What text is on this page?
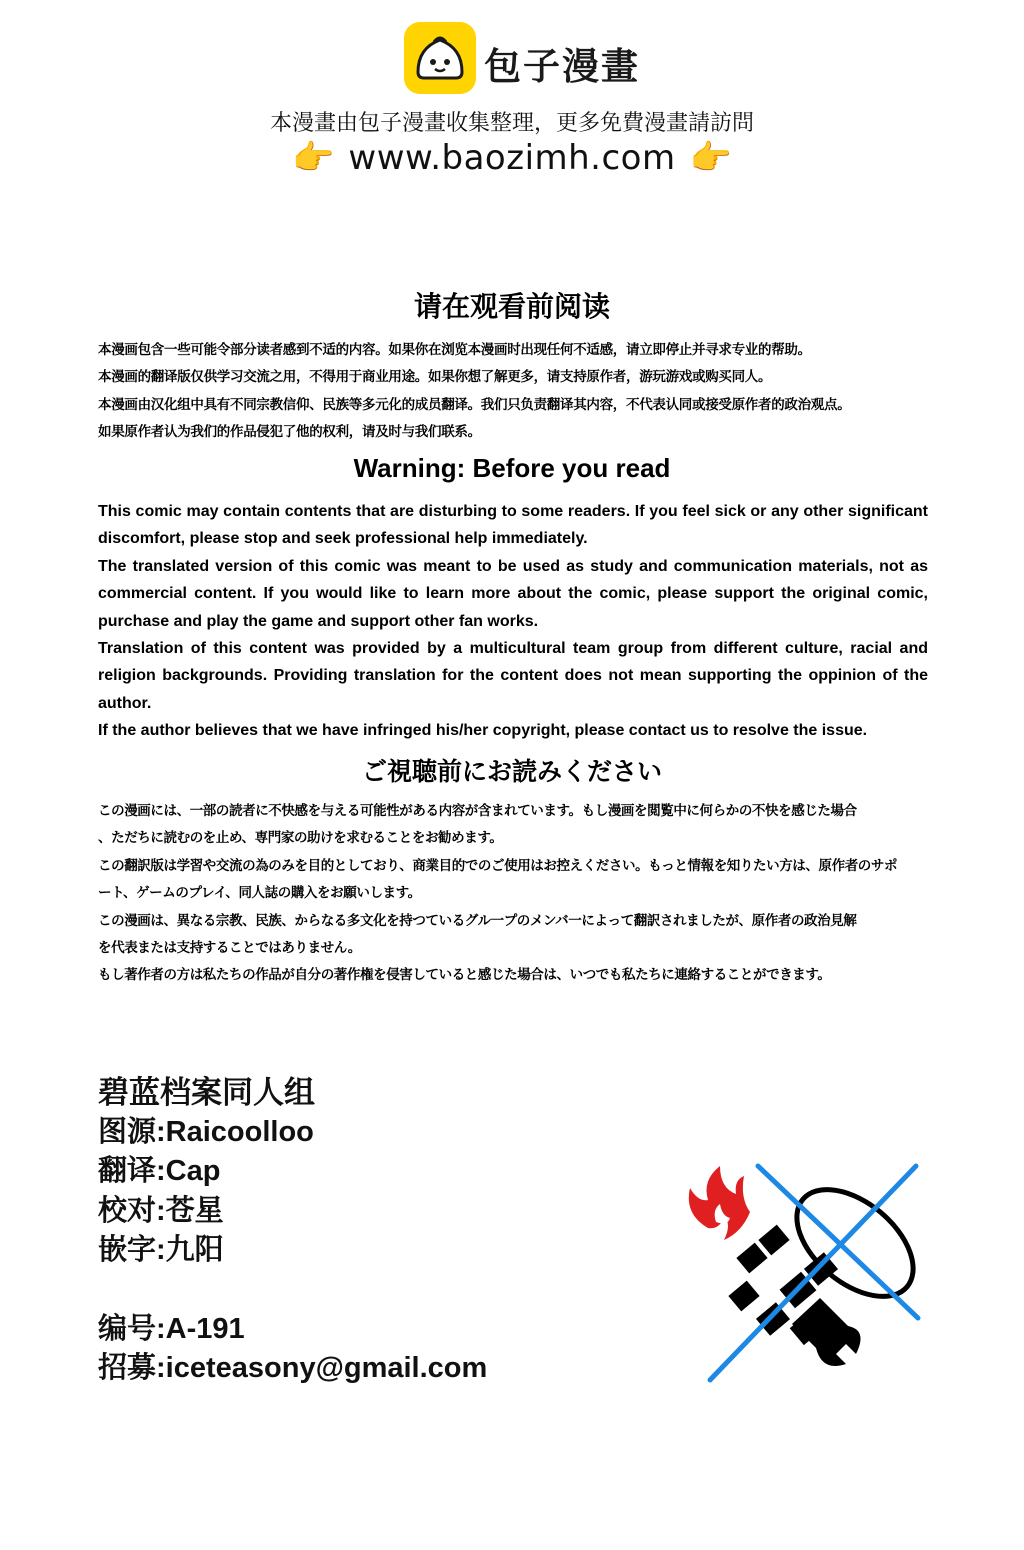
包子漫畫
本漫畫由包子漫畫收集整理，更多免費漫畫請訪問
👉 www.baozimh.com 👉
请在观看前阅读

本漫画包含一些可能令部分读者感到不适的内容。如果你在浏览本漫画时出现任何不适感，请立即停止并寻求专业的帮助。

本漫画的翻译版仅供学习交流之用，不得用于商业用途。如果你想了解更多，请支持原作者，游玩游戏或购买同人。

本漫画由汉化组中具有不同宗教信仰、民族等多元化的成员翻译。我们只负责翻译其内容，不代表认同或接受原作者的政治观点。

如果原作者认为我们的作品侵犯了他的权利，请及时与我们联系。

Warning: Before you read

This comic may contain contents that are disturbing to some readers. If you feel sick or any other significant discomfort, please stop and seek professional help immediately.

The translated version of this comic was meant to be used as study and communication materials, not as commercial content. If you would like to learn more about the comic, please support the original comic, purchase and play the game and support other fan works.

Translation of this content was provided by a multicultural team group from different culture, racial and religion backgrounds. Providing translation for the content does not mean supporting the oppinion of the author.

If the author believes that we have infringed his/her copyright, please contact us to resolve the issue.

ご視聴前にお読みください

この漫画には、一部の読者に不快感を与える可能性がある内容が含まれています。もし漫画を閲覧中に何らかの不快を感じた場合

、ただちに読むのを止め、専門家の助けを求むることをお勧めます。

この翻訳版は学習や交流の為のみを目的としており、商業目的でのご使用はお控えください。もっと情報を知りたい方は、原作者のサポ

ート、ゲームのプレイ、同人誌の購入をお願いします。

この漫画は、異なる宗教、民族、からなる多文化を持つているグル一プのメンバ一によって翻訳されましたが、原作者の政治見解

を代表または支持することではありません。

もし著作者の方は私たちの作品が自分の著作権を侵害していると感じた場合は、いつでも私たちに連絡することができます。

碧蓝档案同人组
图源:Raicoolloo
翻译:Cap
校对:苍星
嵌字:九阳
编号:A-191
招募:iceteasony@gmail.com
